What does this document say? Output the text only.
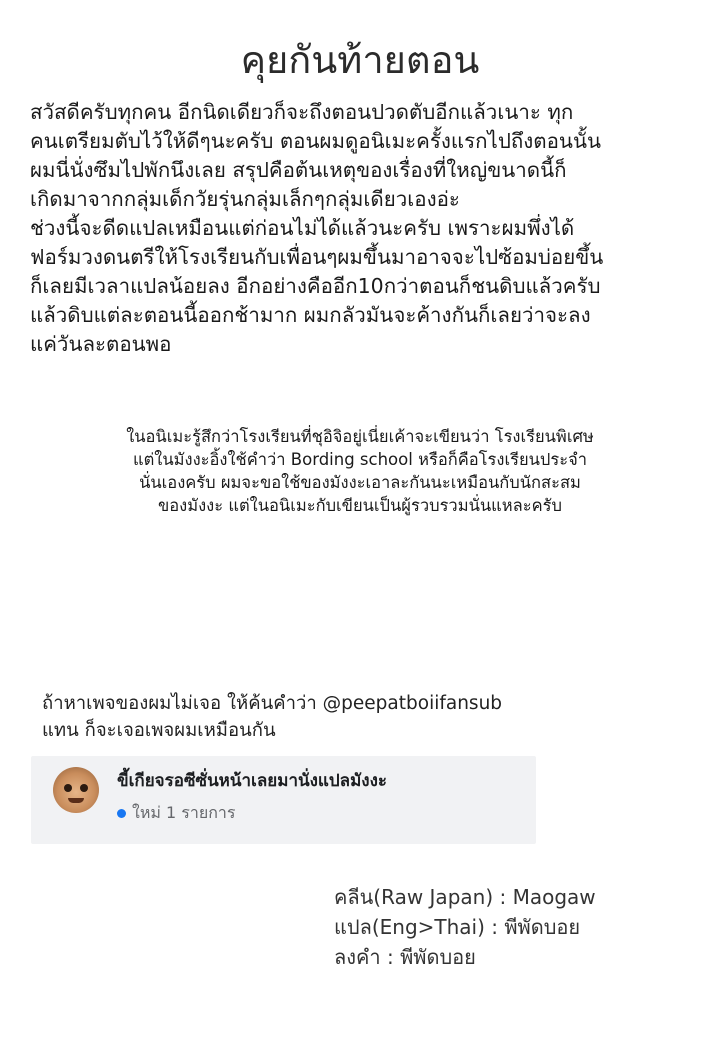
คุยกันท้ายตอน
สวัสดีครับทุกคน อีกนิดเดียวก็จะถึงตอนปวดตับอีกแล้วเนาะ ทุก
คนเตรียมตับไว้ให้ดีๆนะครับ ตอนผมดูอนิเมะครั้งแรกไปถึงตอนนั้น
ผมนี่นั่งซึมไปพักนึงเลย สรุปคือต้นเหตุของเรื่องที่ใหญ่ขนาดนี้ก็
เกิดมาจากกลุ่มเด็กวัยรุ่นกลุ่มเล็กๆกลุ่มเดียวเองอ่ะ
ช่วงนี้จะดีดแปลเหมือนแต่ก่อนไม่ได้แล้วนะครับ เพราะผมพึ่งได้
ฟอร์มวงดนตรีให้โรงเรียนกับเพื่อนๆผมขึ้นมาอาจจะไปซ้อมบ่อยขึ้น
ก็เลยมีเวลาแปลน้อยลง อีกอย่างคืออีก10กว่าตอนก็ชนดิบแล้วครับ
แล้วดิบแต่ละตอนนี้ออกช้ามาก ผมกลัวมันจะค้างกันก็เลยว่าจะลง
แค่วันละตอนพอ
ในอนิเมะรู้สึกว่าโรงเรียนที่ชุอิจิอยู่เนี่ยเค้าจะเขียนว่า โรงเรียนพิเศษ
แต่ในมังงะอิ้งใช้คำว่า Bording school หรือก็คือโรงเรียนประจำ
นั่นเองครับ ผมจะขอใช้ของมังงะเอาละกันนะเหมือนกับนักสะสม
ของมังงะ แต่ในอนิเมะกับเขียนเป็นผู้รวบรวมนั่นแหละครับ
ถ้าหาเพจของผมไม่เจอ ให้ค้นคำว่า @peepatboiifansub
แทน ก็จะเจอเพจผมเหมือนกัน
ขี้เกียจรอซีซั่นหน้าเลยมานั่งแปลมังงะ
ใหม่ 1 รายการ
คลีน(Raw Japan) : Maogaw
แปล(Eng>Thai) : พีพัดบอย
ลงคำ : พีพัดบอย
